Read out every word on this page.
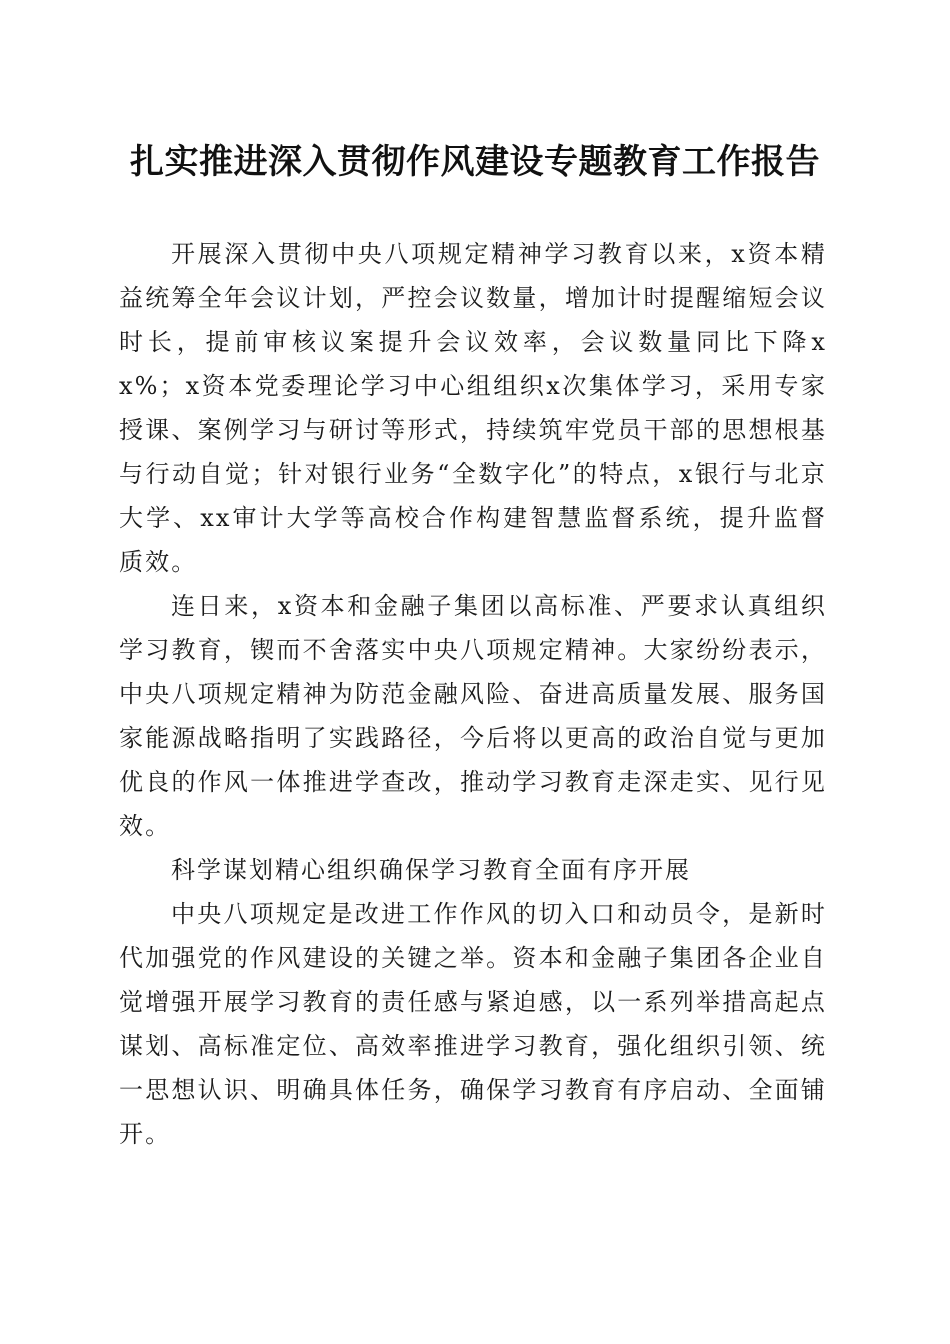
扎实推进深入贯彻作风建设专题教育工作报告

开展深入贯彻中央八项规定精神学习教育以来，x资本精益统筹全年会议计划，严控会议数量，增加计时提醒缩短会议时长，提前审核议案提升会议效率，会议数量同比下降xx%；x资本党委理论学习中心组组织x次集体学习，采用专家授课、案例学习与研讨等形式，持续筑牢党员干部的思想根基与行动自觉；针对银行业务“全数字化”的特点，x银行与北京大学、xx审计大学等高校合作构建智慧监督系统，提升监督质效。

连日来，x资本和金融子集团以高标准、严要求认真组织学习教育，锲而不舍落实中央八项规定精神。大家纷纷表示，中央八项规定精神为防范金融风险、奋进高质量发展、服务国家能源战略指明了实践路径，今后将以更高的政治自觉与更加优良的作风一体推进学查改，推动学习教育走深走实、见行见效。

科学谋划精心组织确保学习教育全面有序开展

中央八项规定是改进工作作风的切入口和动员令，是新时代加强党的作风建设的关键之举。资本和金融子集团各企业自觉增强开展学习教育的责任感与紧迫感，以一系列举措高起点谋划、高标准定位、高效率推进学习教育，强化组织引领、统一思想认识、明确具体任务，确保学习教育有序启动、全面铺开。
